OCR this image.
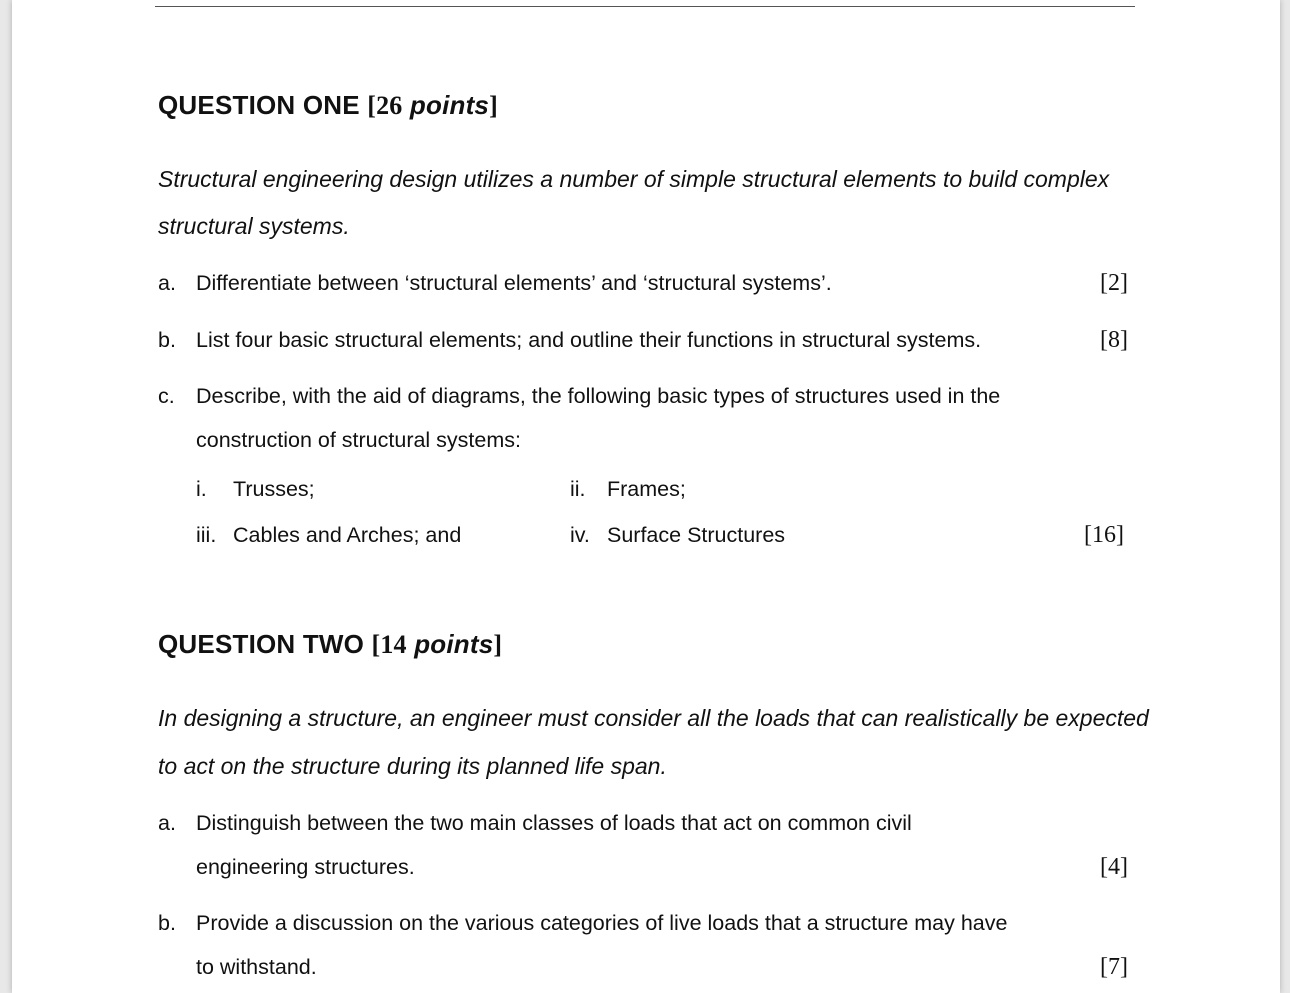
QUESTION ONE [26 points]
Structural engineering design utilizes a number of simple structural elements to build complex
structural systems.
a. Differentiate between ‘structural elements’ and ‘structural systems’.	[2]
b. List four basic structural elements; and outline their functions in structural systems.	[8]
c. Describe, with the aid of diagrams, the following basic types of structures used in the
construction of structural systems:
i. Trusses;	ii. Frames;
iii. Cables and Arches; and	iv. Surface Structures	[16]
QUESTION TWO [14 points]
In designing a structure, an engineer must consider all the loads that can realistically be expected
to act on the structure during its planned life span.
a. Distinguish between the two main classes of loads that act on common civil
engineering structures.	[4]
b. Provide a discussion on the various categories of live loads that a structure may have
to withstand.	[7]
